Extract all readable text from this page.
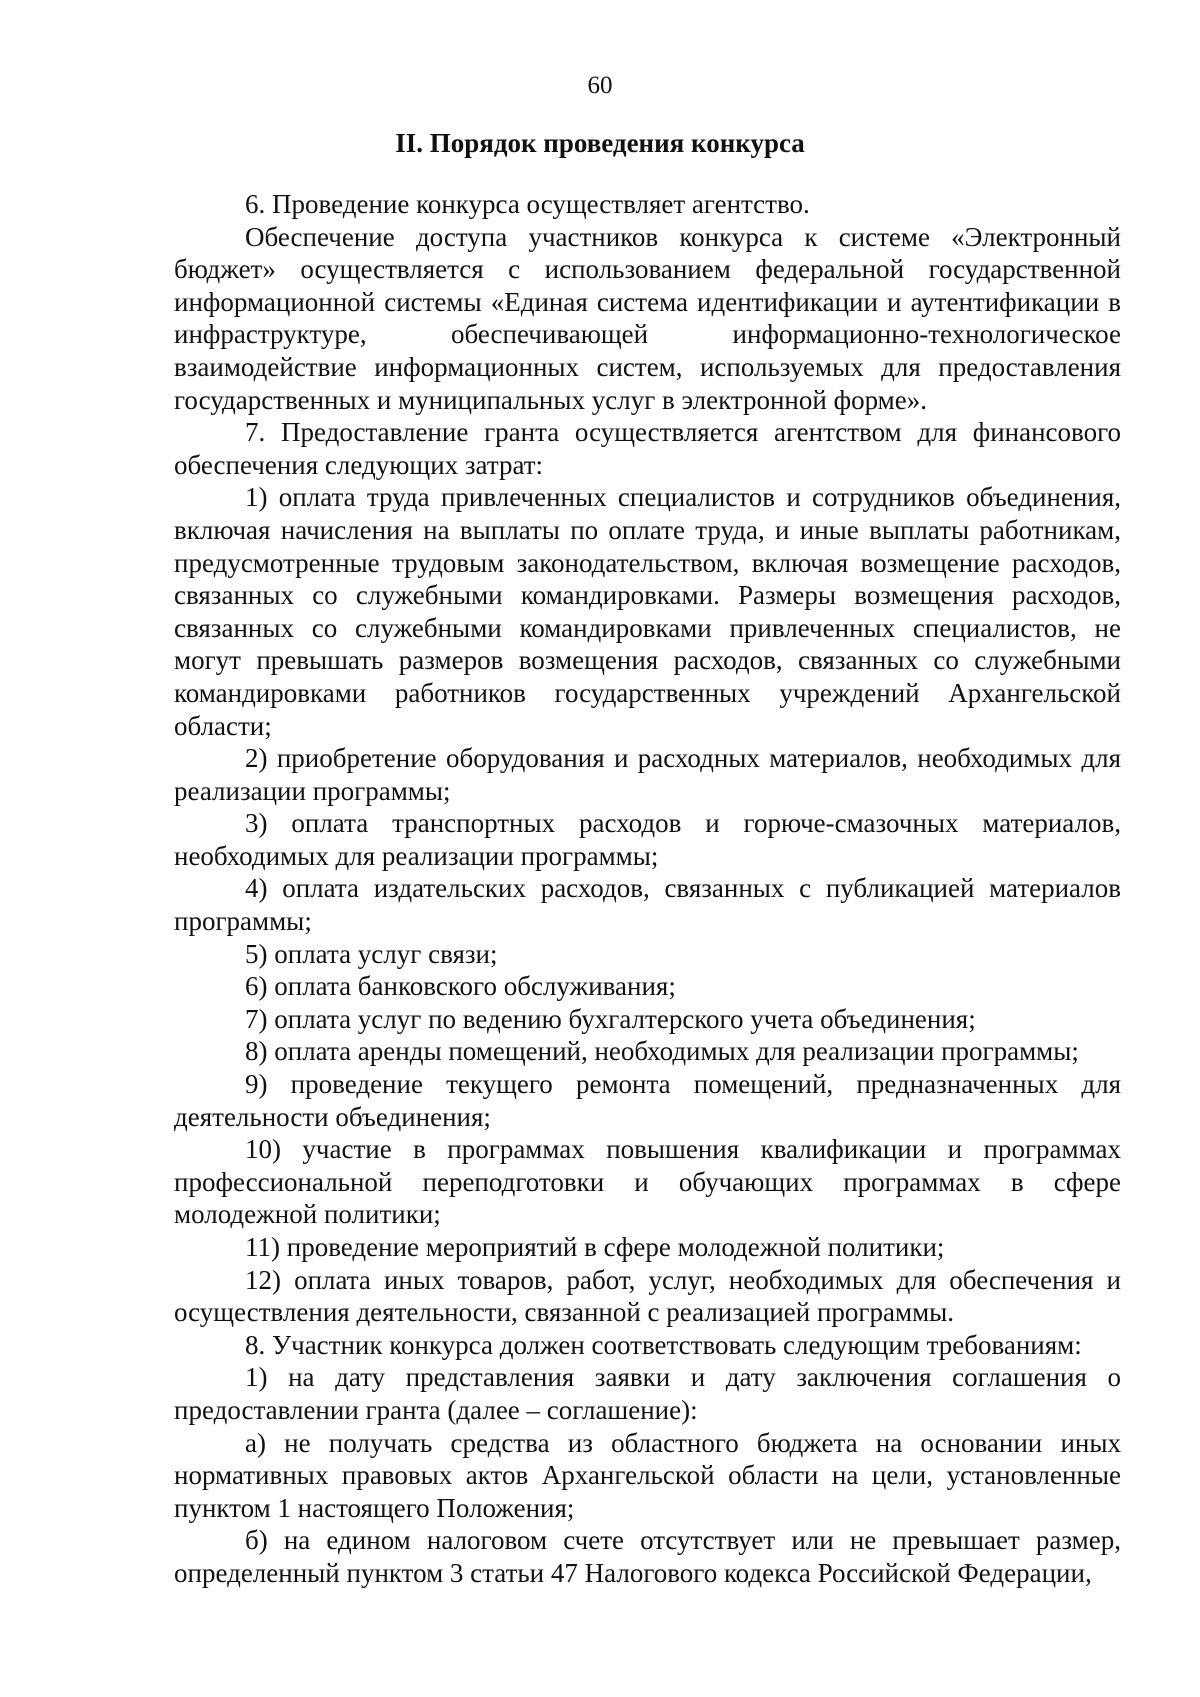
60
II. Порядок проведения конкурса

6. Проведение конкурса осуществляет агентство.

Обеспечение доступа участников конкурса к системе «Электронный бюджет» осуществляется с использованием федеральной государственной информационной системы «Единая система идентификации и аутентификации в инфраструктуре, обеспечивающей информационно-технологическое взаимодействие информационных систем, используемых для предоставления государственных и муниципальных услуг в электронной форме».

7. Предоставление гранта осуществляется агентством для финансового обеспечения следующих затрат:

1) оплата труда привлеченных специалистов и сотрудников объединения, включая начисления на выплаты по оплате труда, и иные выплаты работникам, предусмотренные трудовым законодательством, включая возмещение расходов, связанных со служебными командировками. Размеры возмещения расходов, связанных со служебными командировками привлеченных специалистов, не могут превышать размеров возмещения расходов, связанных со служебными командировками работников государственных учреждений Архангельской области;

2) приобретение оборудования и расходных материалов, необходимых для реализации программы;

3) оплата транспортных расходов и горюче-смазочных материалов, необходимых для реализации программы;

4) оплата издательских расходов, связанных с публикацией материалов программы;

5) оплата услуг связи;

6) оплата банковского обслуживания;

7) оплата услуг по ведению бухгалтерского учета объединения;

8) оплата аренды помещений, необходимых для реализации программы;

9) проведение текущего ремонта помещений, предназначенных для деятельности объединения;

10) участие в программах повышения квалификации и программах профессиональной переподготовки и обучающих программах в сфере молодежной политики;

11) проведение мероприятий в сфере молодежной политики;

12) оплата иных товаров, работ, услуг, необходимых для обеспечения и осуществления деятельности, связанной с реализацией программы.

8. Участник конкурса должен соответствовать следующим требованиям:

1) на дату представления заявки и дату заключения соглашения о предоставлении гранта (далее – соглашение):

а) не получать средства из областного бюджета на основании иных нормативных правовых актов Архангельской области на цели, установленные пунктом 1 настоящего Положения;

б) на едином налоговом счете отсутствует или не превышает размер, определенный пунктом 3 статьи 47 Налогового кодекса Российской Федерации,
